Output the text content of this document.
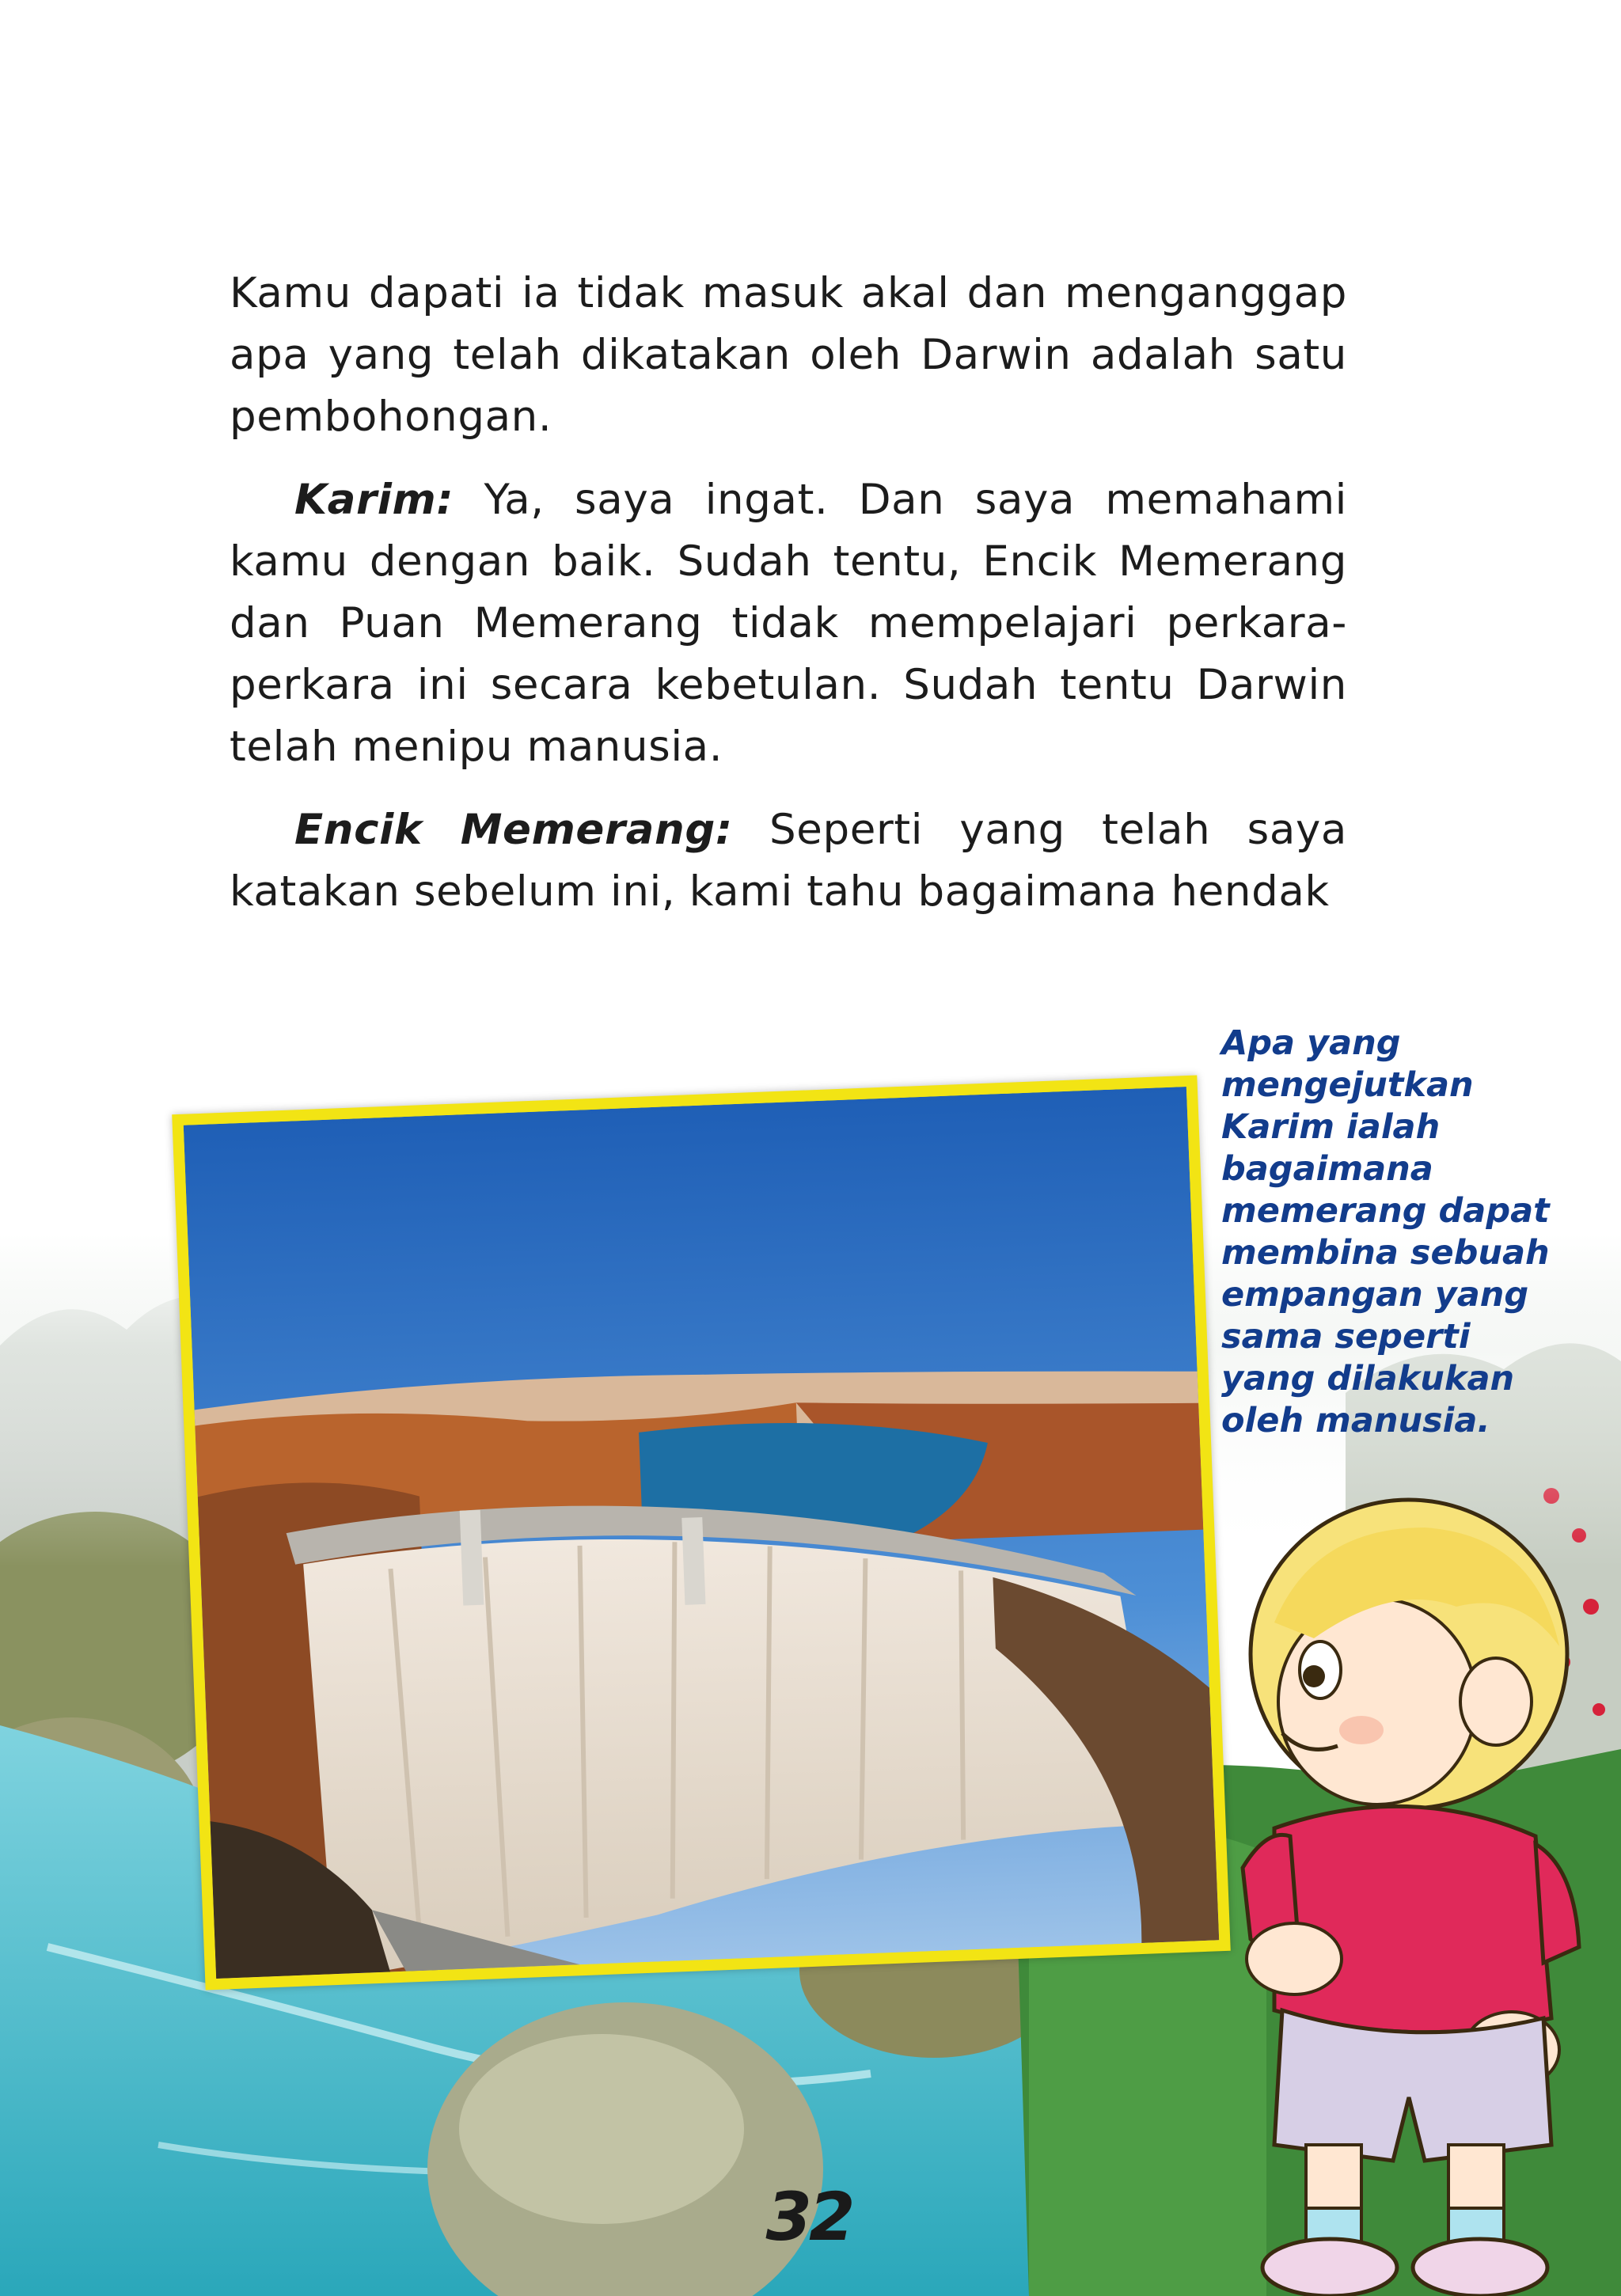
Kamu dapati ia tidak masuk akal dan menganggap apa yang telah dikatakan oleh Darwin adalah satu pembohongan.

Karim: Ya, saya ingat. Dan saya memahami kamu dengan baik. Sudah tentu, Encik Memerang dan Puan Memerang tidak mempelajari perkara-perkara ini secara kebetulan. Sudah tentu Darwin telah menipu manusia.

Encik Memerang: Seperti yang telah saya katakan sebelum ini, kami tahu bagaimana hendak

Apa yang
mengejutkan
Karim ialah
bagaimana
memerang dapat
membina sebuah
empangan yang
sama seperti
yang dilakukan
oleh manusia.
32
